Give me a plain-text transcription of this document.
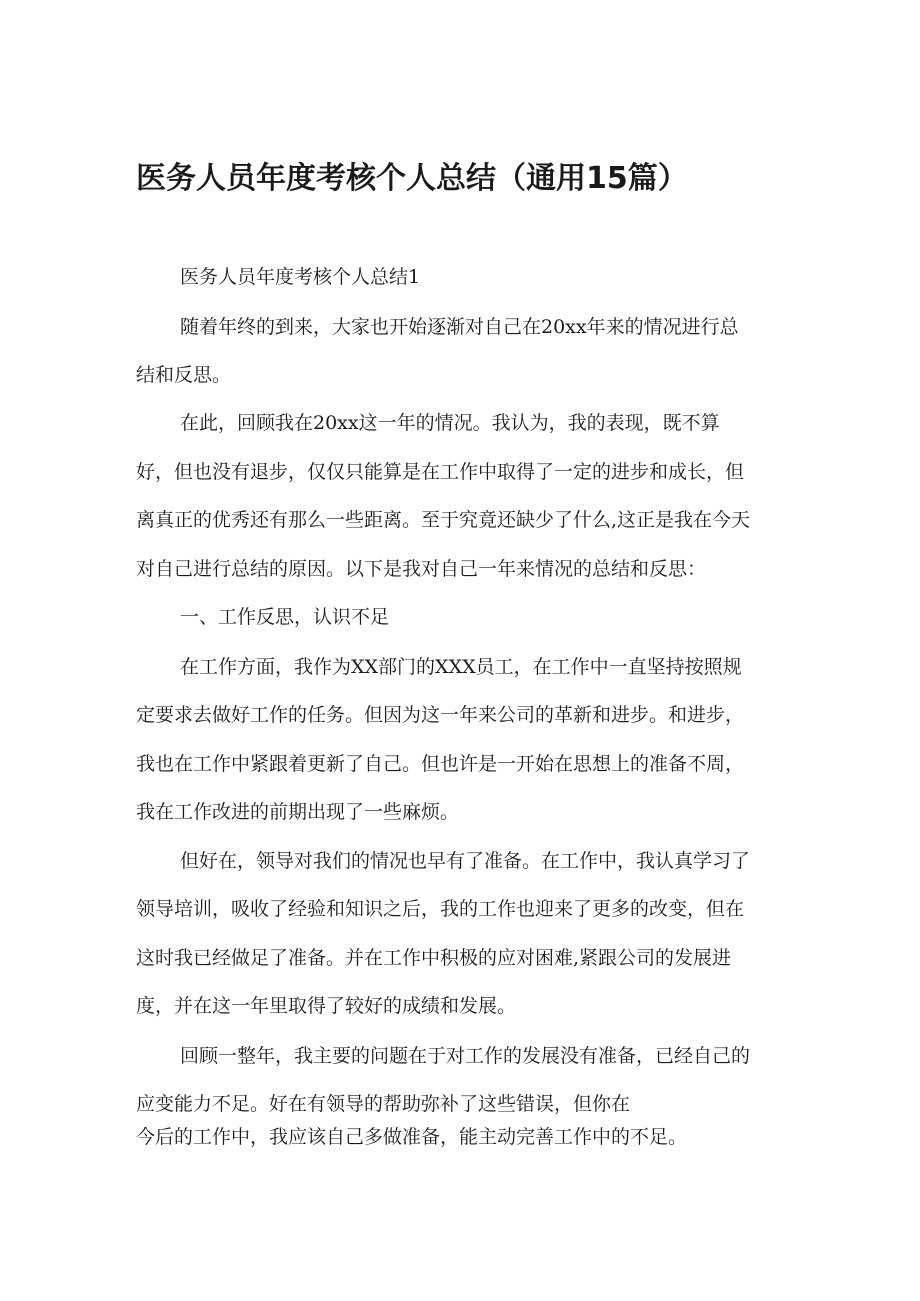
医务人员年度考核个人总结（通用15篇）
医务人员年度考核个人总结1
随着年终的到来，大家也开始逐渐对自己在20xx年来的情况进行总
结和反思。
在此，回顾我在20xx这一年的情况。我认为，我的表现，既不算
好，但也没有退步，仅仅只能算是在工作中取得了一定的进步和成长，但
离真正的优秀还有那么一些距离。至于究竟还缺少了什么,这正是我在今天
对自己进行总结的原因。以下是我对自己一年来情况的总结和反思：
一、工作反思，认识不足
在工作方面，我作为XX部门的XXX员工，在工作中一直坚持按照规
定要求去做好工作的任务。但因为这一年来公司的革新和进步。和进步，
我也在工作中紧跟着更新了自己。但也许是一开始在思想上的准备不周，
我在工作改进的前期出现了一些麻烦。
但好在，领导对我们的情况也早有了准备。在工作中，我认真学习了
领导培训，吸收了经验和知识之后，我的工作也迎来了更多的改变，但在
这时我已经做足了准备。并在工作中积极的应对困难,紧跟公司的发展进
度，并在这一年里取得了较好的成绩和发展。
回顾一整年，我主要的问题在于对工作的发展没有准备，已经自己的
应变能力不足。好在有领导的帮助弥补了这些错误，但你在
今后的工作中，我应该自己多做准备，能主动完善工作中的不足。
